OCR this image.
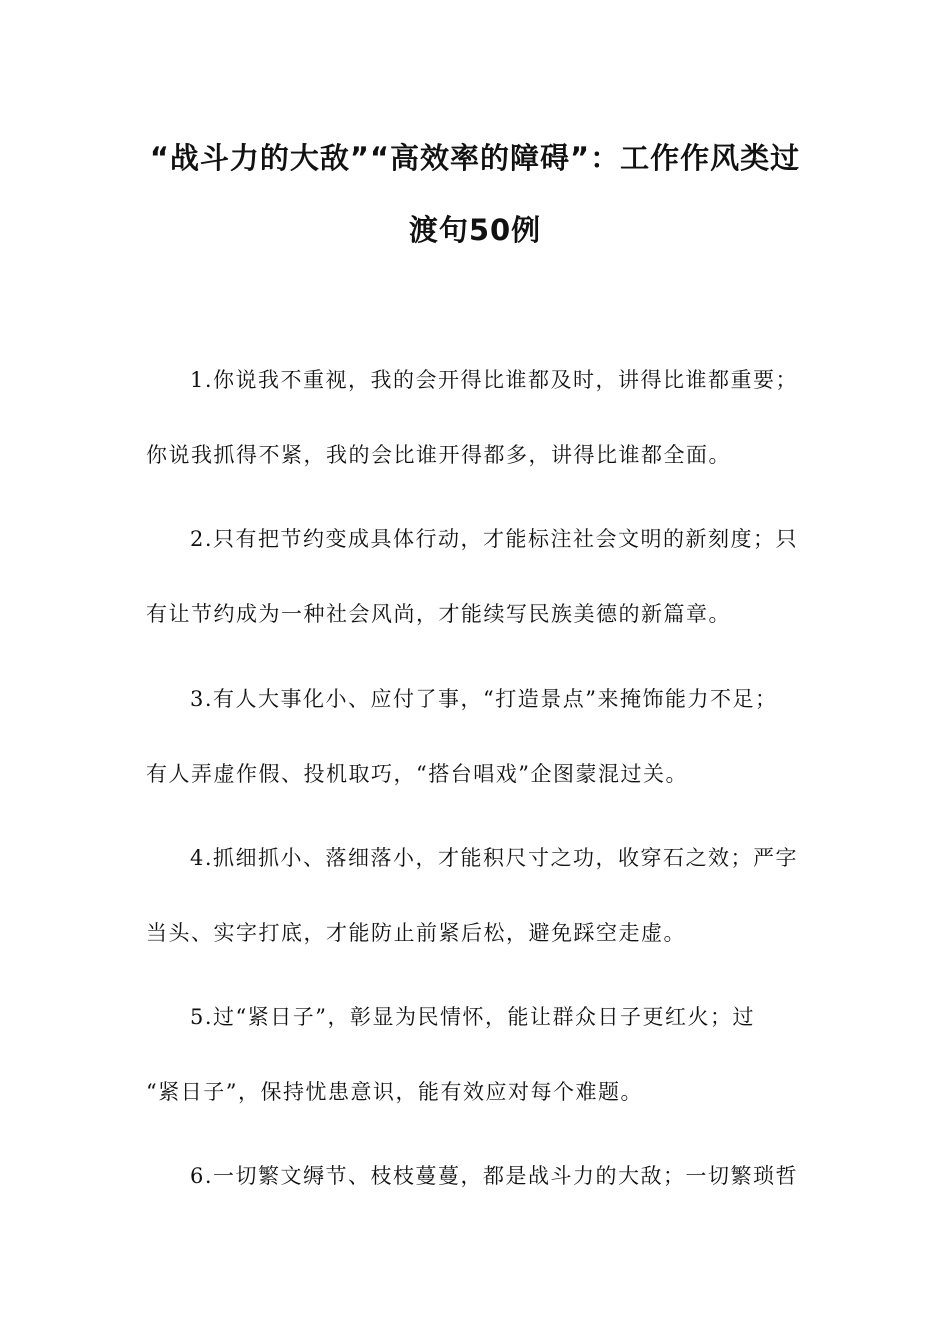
“战斗力的大敌”“高效率的障碍”：工作作风类过
渡句50例
1.你说我不重视，我的会开得比谁都及时，讲得比谁都重要；
你说我抓得不紧，我的会比谁开得都多，讲得比谁都全面。
2.只有把节约变成具体行动，才能标注社会文明的新刻度；只
有让节约成为一种社会风尚，才能续写民族美德的新篇章。
3.有人大事化小、应付了事，“打造景点”来掩饰能力不足；
有人弄虚作假、投机取巧，“搭台唱戏”企图蒙混过关。
4.抓细抓小、落细落小，才能积尺寸之功，收穿石之效；严字
当头、实字打底，才能防止前紧后松，避免踩空走虚。
5.过“紧日子”，彰显为民情怀，能让群众日子更红火；过
“紧日子”，保持忧患意识，能有效应对每个难题。
6.一切繁文缛节、枝枝蔓蔓，都是战斗力的大敌；一切繁琐哲
